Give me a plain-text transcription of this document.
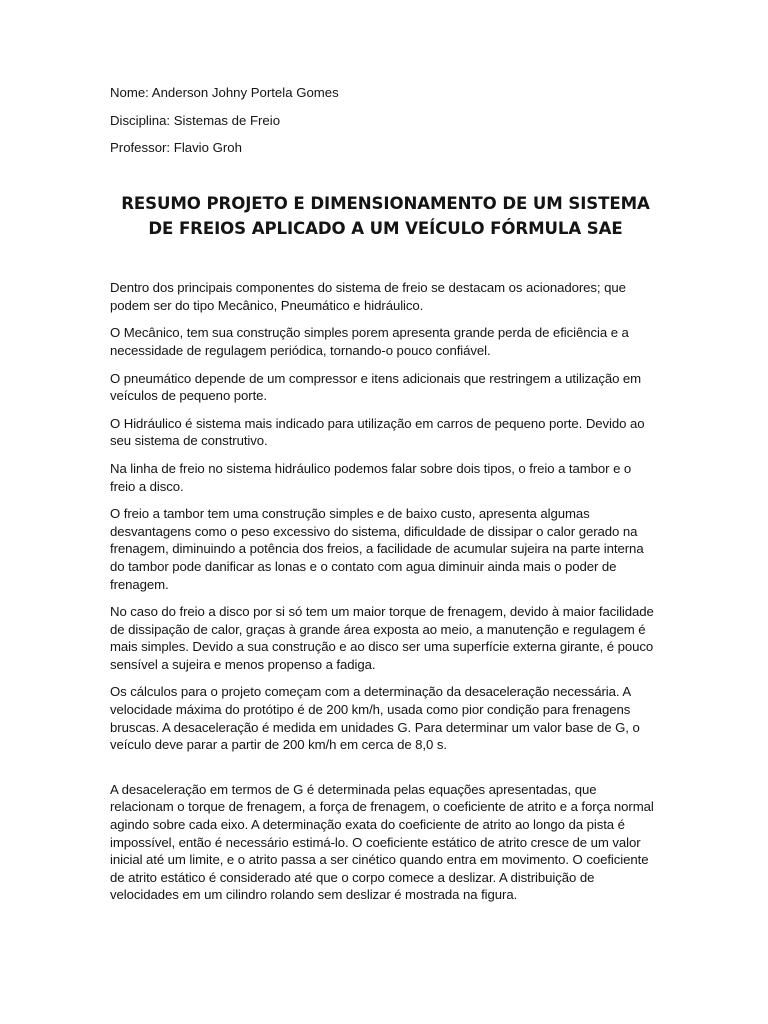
Nome: Anderson Johny Portela Gomes

Disciplina: Sistemas de Freio

Professor: Flavio Groh

RESUMO PROJETO E DIMENSIONAMENTO DE UM SISTEMA
DE FREIOS APLICADO A UM VEÍCULO FÓRMULA SAE

Dentro dos principais componentes do sistema de freio se destacam os acionadores; que podem ser do tipo Mecânico, Pneumático e hidráulico.

O Mecânico, tem sua construção simples porem apresenta grande perda de eficiência e a necessidade de regulagem periódica, tornando-o pouco confiável.

O pneumático depende de um compressor e itens adicionais que restringem a utilização em veículos de pequeno porte.

O Hidráulico é sistema mais indicado para utilização em carros de pequeno porte. Devido ao seu sistema de construtivo.

Na linha de freio no sistema hidráulico podemos falar sobre dois tipos, o freio a tambor e o freio a disco.

O freio a tambor tem uma construção simples e de baixo custo, apresenta algumas desvantagens como o peso excessivo do sistema, dificuldade de dissipar o calor gerado na frenagem, diminuindo a potência dos freios, a facilidade de acumular sujeira na parte interna do tambor pode danificar as lonas e o contato com agua diminuir ainda mais o poder de frenagem.

No caso do freio a disco por si só tem um maior torque de frenagem, devido à maior facilidade de dissipação de calor, graças à grande área exposta ao meio, a manutenção e regulagem é mais simples. Devido a sua construção e ao disco ser uma superfície externa girante, é pouco sensível a sujeira e menos propenso a fadiga.

Os cálculos para o projeto começam com a determinação da desaceleração necessária. A velocidade máxima do protótipo é de 200 km/h, usada como pior condição para frenagens bruscas. A desaceleração é medida em unidades G. Para determinar um valor base de G, o veículo deve parar a partir de 200 km/h em cerca de 8,0 s.

A desaceleração em termos de G é determinada pelas equações apresentadas, que relacionam o torque de frenagem, a força de frenagem, o coeficiente de atrito e a força normal agindo sobre cada eixo. A determinação exata do coeficiente de atrito ao longo da pista é impossível, então é necessário estimá-lo. O coeficiente estático de atrito cresce de um valor inicial até um limite, e o atrito passa a ser cinético quando entra em movimento. O coeficiente de atrito estático é considerado até que o corpo comece a deslizar. A distribuição de velocidades em um cilindro rolando sem deslizar é mostrada na figura.
